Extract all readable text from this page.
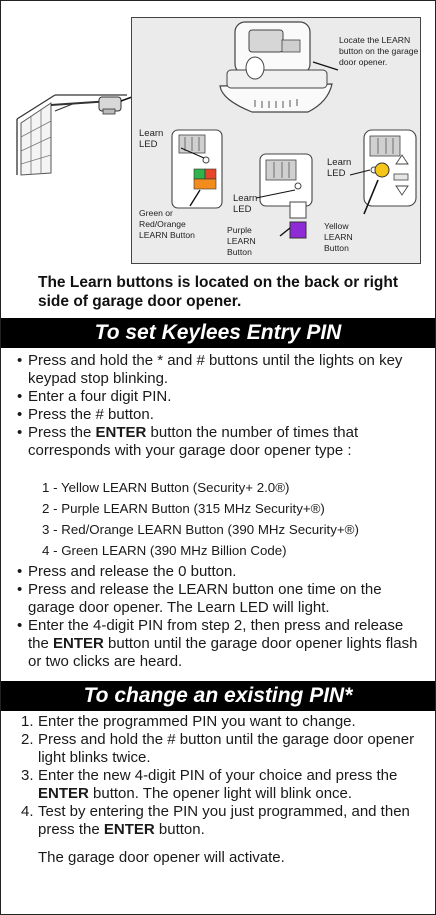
Locate the LEARN button on the garage door opener.
Learn LED
Learn LED
Learn LED
Green or Red/Orange LEARN Button	Purple LEARN Button
Yellow LEARN Button
The Learn buttons is located on the back or right side of garage door opener.
To set Keylees Entry PIN
• Press and hold the * and # buttons until the lights on key keypad stop blinking.
• Enter a four digit PIN.
• Press the # button.
• Press the ENTER button the number of times that corresponds with your garage door opener type :
1 - Yellow LEARN Button (Security+ 2.0®)
2 - Purple LEARN Button (315 MHz Security+®)
3 - Red/Orange LEARN Button (390 MHz Security+®)
4 - Green LEARN (390 MHz Billion Code)
• Press and release the 0 button.
• Press and release the LEARN button one time on the garage door opener. The Learn LED will light.
• Enter the 4-digit PIN from step 2, then press and release the ENTER button until the garage door opener lights flash or two clicks are heard.
To change an existing PIN*
1. Enter the programmed PIN you want to change.
2. Press and hold the # button until the garage door opener light blinks twice.
3. Enter the new 4-digit PIN of your choice and press the ENTER button. The opener light will blink once.
4. Test by entering the PIN you just programmed, and then press the ENTER button.
The garage door opener will activate.
